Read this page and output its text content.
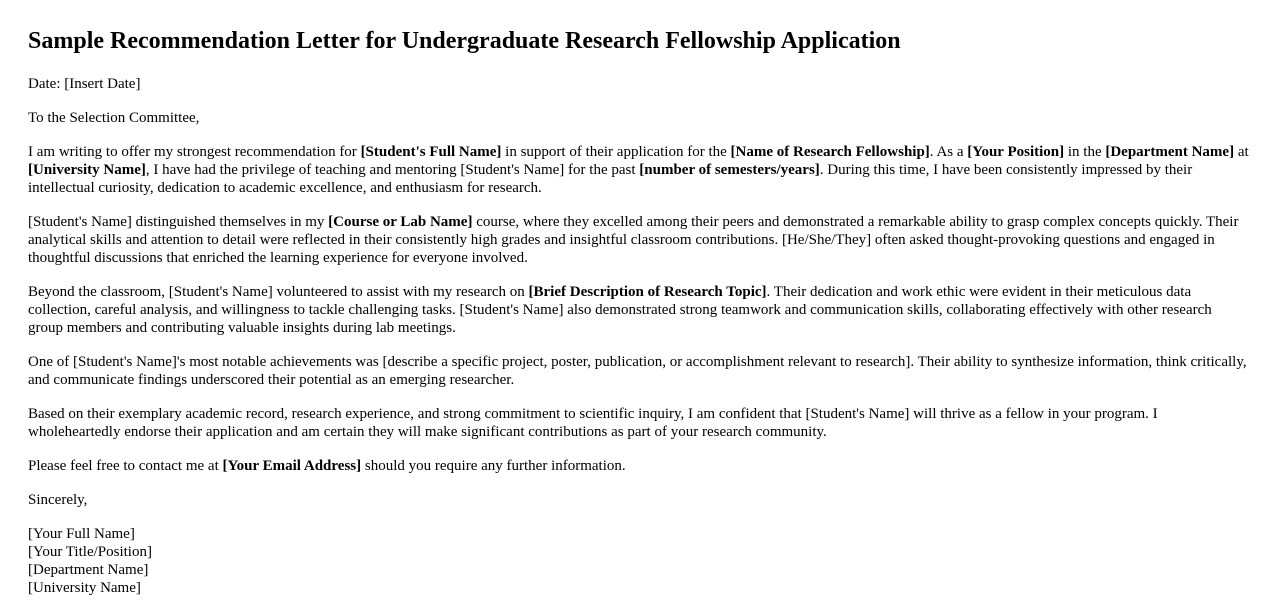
Sample Recommendation Letter for Undergraduate Research Fellowship Application

Date: [Insert Date]

To the Selection Committee,

I am writing to offer my strongest recommendation for [Student's Full Name] in support of their application for the [Name of Research Fellowship]. As a [Your Position] in the [Department Name] at [University Name], I have had the privilege of teaching and mentoring [Student's Name] for the past [number of semesters/years]. During this time, I have been consistently impressed by their intellectual curiosity, dedication to academic excellence, and enthusiasm for research.

[Student's Name] distinguished themselves in my [Course or Lab Name] course, where they excelled among their peers and demonstrated a remarkable ability to grasp complex concepts quickly. Their analytical skills and attention to detail were reflected in their consistently high grades and insightful classroom contributions. [He/She/They] often asked thought-provoking questions and engaged in thoughtful discussions that enriched the learning experience for everyone involved.

Beyond the classroom, [Student's Name] volunteered to assist with my research on [Brief Description of Research Topic]. Their dedication and work ethic were evident in their meticulous data collection, careful analysis, and willingness to tackle challenging tasks. [Student's Name] also demonstrated strong teamwork and communication skills, collaborating effectively with other research group members and contributing valuable insights during lab meetings.

One of [Student's Name]'s most notable achievements was [describe a specific project, poster, publication, or accomplishment relevant to research]. Their ability to synthesize information, think critically, and communicate findings underscored their potential as an emerging researcher.

Based on their exemplary academic record, research experience, and strong commitment to scientific inquiry, I am confident that [Student's Name] will thrive as a fellow in your program. I wholeheartedly endorse their application and am certain they will make significant contributions as part of your research community.

Please feel free to contact me at [Your Email Address] should you require any further information.

Sincerely,

[Your Full Name]
[Your Title/Position]
[Department Name]
[University Name]
